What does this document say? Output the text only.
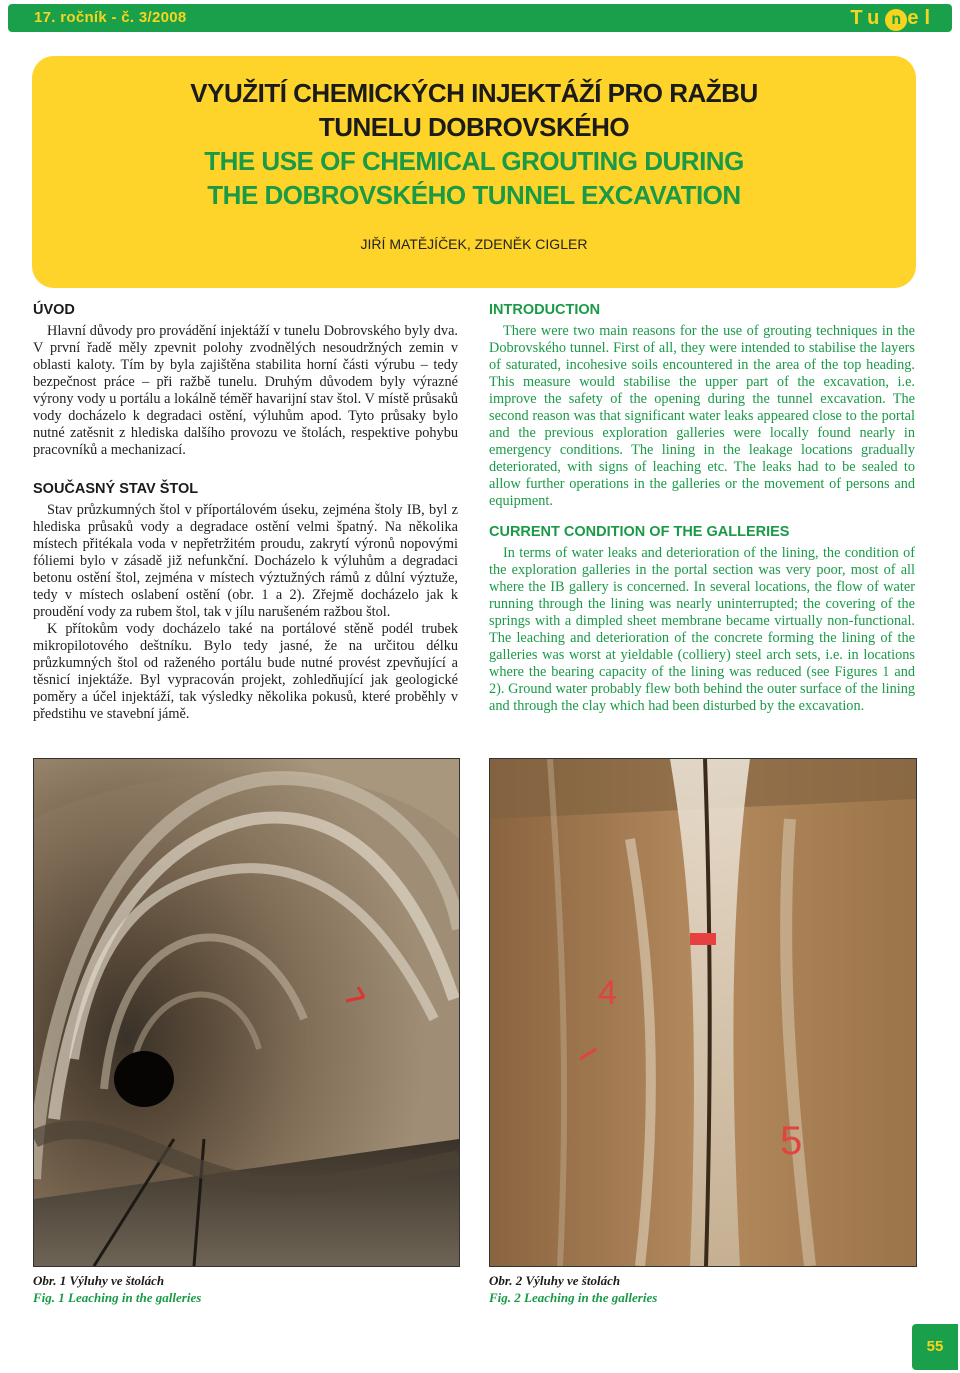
17. ročník - č. 3/2008	Tu n el
VYUŽITÍ CHEMICKÝCH INJEKTÁŽÍ PRO RAŽBU
TUNELU DOBROVSKÉHO
THE USE OF CHEMICAL GROUTING DURING
THE DOBROVSKÉHO TUNNEL EXCAVATION
JIŘÍ MATĚJÍČEK, ZDENĚK CIGLER

ÚVOD

Hlavní důvody pro provádění injektáží v tunelu Dobrovského byly dva. V první řadě měly zpevnit polohy zvodnělých nesoudržných zemin v oblasti kaloty. Tím by byla zajištěna stabilita horní části výrubu – tedy bezpečnost práce – při ražbě tunelu. Druhým důvodem byly výrazné výrony vody u portálu a lokálně téměř havarijní stav štol. V místě průsaků vody docházelo k degradaci ostění, výluhům apod. Tyto průsaky bylo nutné zatěsnit z hlediska dalšího provozu ve štolách, respektive pohybu pracovníků a mechanizací.

SOUČASNÝ STAV ŠTOL

Stav průzkumných štol v příportálovém úseku, zejména štoly IB, byl z hlediska průsaků vody a degradace ostění velmi špatný. Na několika místech přitékala voda v nepřetržitém proudu, zakrytí výronů nopovými fóliemi bylo v zásadě již nefunkční. Docházelo k výluhům a degradaci betonu ostění štol, zejména v místech výztužných rámů z důlní výztuže, tedy v místech oslabení ostění (obr. 1 a 2). Zřejmě docházelo jak k proudění vody za rubem štol, tak v jílu narušeném ražbou štol.

K přítokům vody docházelo také na portálové stěně podél trubek mikropilotového deštníku. Bylo tedy jasné, že na určitou délku průzkumných štol od raženého portálu bude nutné provést zpevňující a těsnicí injektáže. Byl vypracován projekt, zohledňující jak geologické poměry a účel injektáží, tak výsledky několika pokusů, které proběhly v předstihu ve stavební jámě.

INTRODUCTION

There were two main reasons for the use of grouting techniques in the Dobrovského tunnel. First of all, they were intended to stabilise the layers of saturated, incohesive soils encountered in the area of the top heading. This measure would stabilise the upper part of the excavation, i.e. improve the safety of the opening during the tunnel excavation. The second reason was that significant water leaks appeared close to the portal and the previous exploration galleries were locally found nearly in emergency conditions. The lining in the leakage locations gradually deteriorated, with signs of leaching etc. The leaks had to be sealed to allow further operations in the galleries or the movement of persons and equipment.

CURRENT CONDITION OF THE GALLERIES

In terms of water leaks and deterioration of the lining, the condition of the exploration galleries in the portal section was very poor, most of all where the IB gallery is concerned. In several locations, the flow of water running through the lining was nearly uninterrupted; the covering of the springs with a dimpled sheet membrane became virtually non-functional. The leaching and deterioration of the concrete forming the lining of the galleries was worst at yieldable (colliery) steel arch sets, i.e. in locations where the bearing capacity of the lining was reduced (see Figures 1 and 2). Ground water probably flew both behind the outer surface of the lining and through the clay which had been disturbed by the excavation.

4
5
Obr. 1 Výluhy ve štolách
Fig. 1 Leaching in the galleries
Obr. 2 Výluhy ve štolách
Fig. 2 Leaching in the galleries
55
